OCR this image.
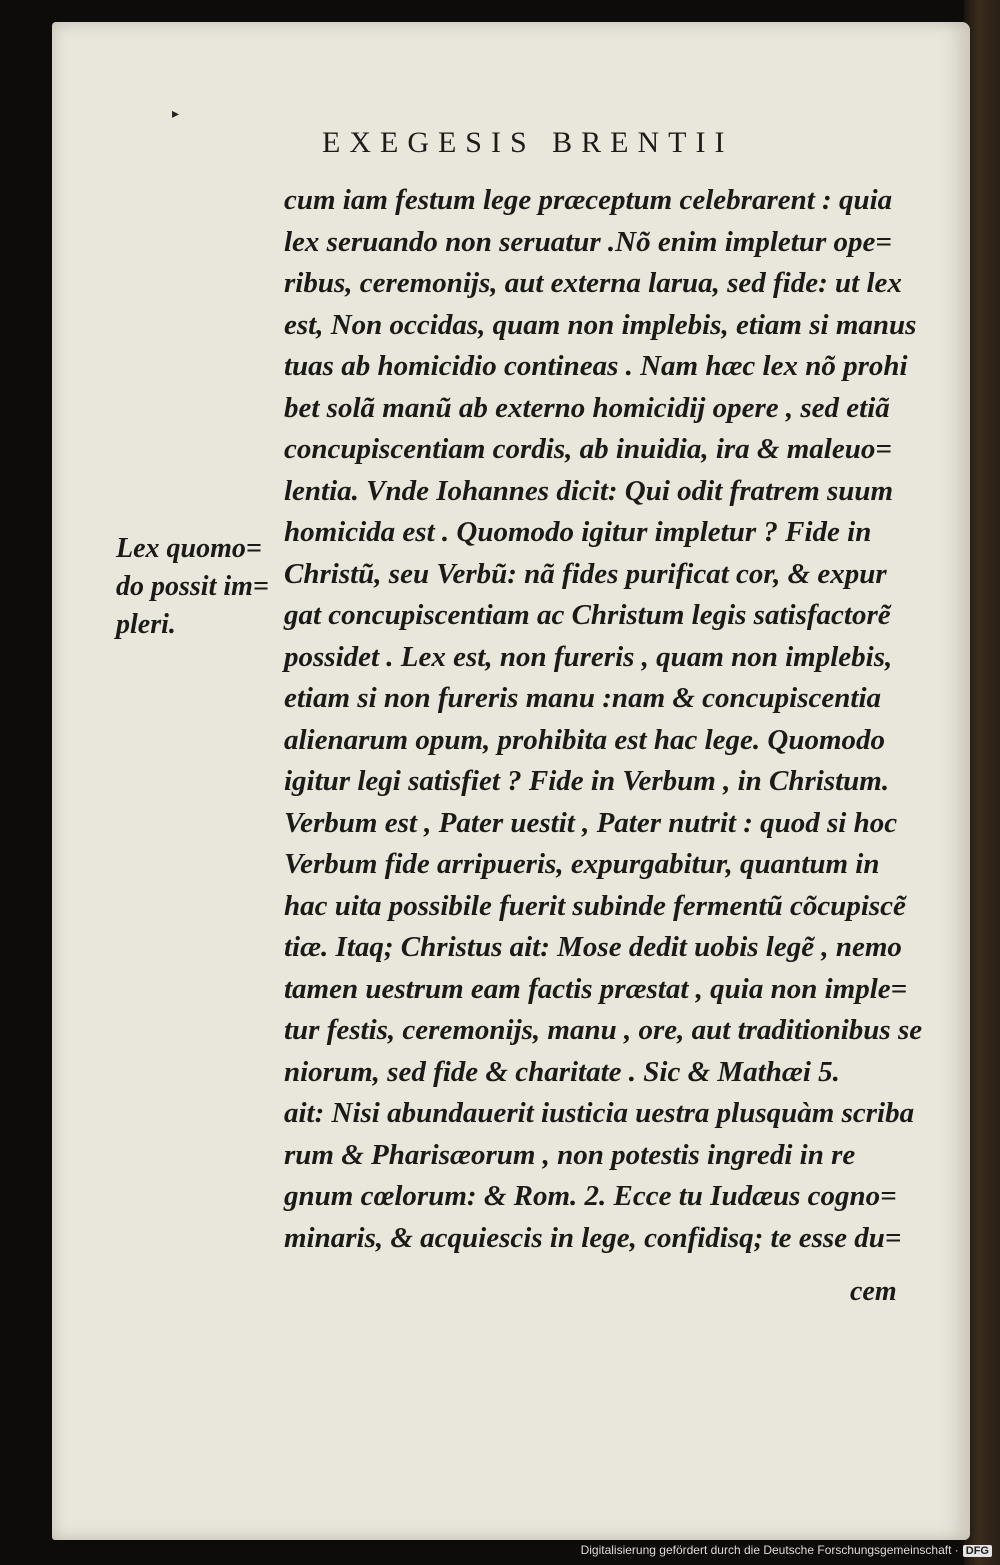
▸
EXEGESIS BRENTII
cum iam festum lege præceptum celebrarent : quia
lex seruando non seruatur .Nõ enim impletur ope=
ribus, ceremonijs, aut externa larua, sed fide: ut lex
est, Non occidas, quam non implebis, etiam si manus
tuas ab homicidio contineas . Nam hæc lex nõ prohi
bet solã manũ ab externo homicidij opere , sed etiã
concupiscentiam cordis, ab inuidia, ira & maleuo=
lentia. Vnde Iohannes dicit: Qui odit fratrem suum
homicida est . Quomodo igitur impletur ? Fide in
Christũ, seu Verbũ: nã fides purificat cor, & expur
gat concupiscentiam ac Christum legis satisfactorẽ
possidet . Lex est, non fureris , quam non implebis,
etiam si non fureris manu :nam & concupiscentia
alienarum opum, prohibita est hac lege. Quomodo
igitur legi satisfiet ? Fide in Verbum , in Christum.
Verbum est , Pater uestit , Pater nutrit : quod si hoc
Verbum fide arripueris, expurgabitur, quantum in
hac uita possibile fuerit subinde fermentũ cõcupiscẽ
tiæ. Itaq; Christus ait: Mose dedit uobis legẽ , nemo
tamen uestrum eam factis præstat , quia non imple=
tur festis, ceremonijs, manu , ore, aut traditionibus se
niorum, sed fide & charitate . Sic & Mathæi 5.
ait: Nisi abundauerit iusticia uestra plusquàm scriba
rum & Pharisæorum , non potestis ingredi in re
gnum cœlorum: & Rom. 2. Ecce tu Iudæus cogno=
minaris, & acquiescis in lege, confidisq; te esse du=
Lex quomo=
do possit im=
pleri.
cem
Digitalisierung gefördert durch die Deutsche Forschungsgemeinschaft · DFG
